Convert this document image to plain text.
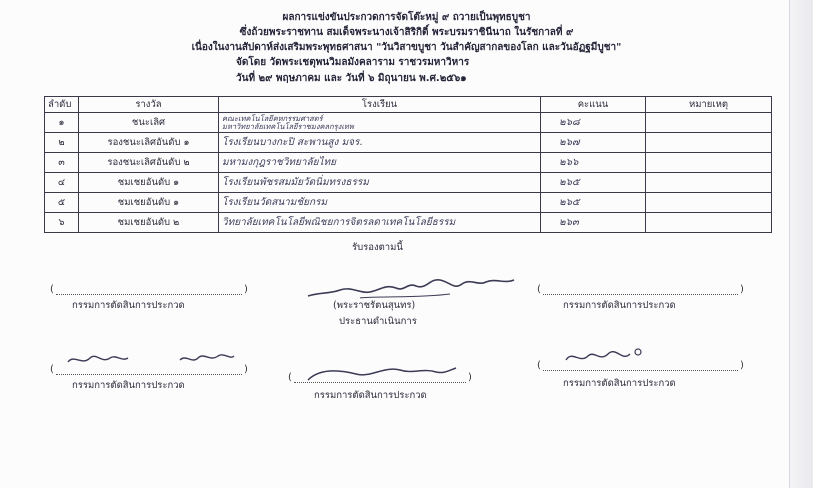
ผลการแข่งขันประกวดการจัดโต๊ะหมู่ ๙ ถวายเป็นพุทธบูชา
ซึ่งถ้วยพระราชทาน สมเด็จพระนางเจ้าสิริกิติ์ พระบรมราชินีนาถ ในรัชกาลที่ ๙
เนื่องในงานสัปดาห์ส่งเสริมพระพุทธศาสนา "วันวิสาขบูชา วันสำคัญสากลของโลก และวันอัฏฐมีบูชา"
จัดโดย วัดพระเชตุพนวิมลมังคลาราม ราชวรมหาวิหาร
วันที่ ๒๙ พฤษภาคม และ วันที่ ๖ มิถุนายน พ.ศ.๒๕๖๑
ลำดับ	รางวัล	โรงเรียน	คะแนน	หมายเหตุ
๑	ชนะเลิศ	คณะเทคโนโลยีคหกรรมศาสตร์
มหาวิทยาลัยเทคโนโลยีราชมงคลกรุงเทพ	๒๖๘	
๒	รองชนะเลิศอันดับ ๑	โรงเรียนบางกะปิ สะพานสูง มจร.	๒๖๗	
๓	รองชนะเลิศอันดับ ๒	มหามงกุฎราชวิทยาลัยไทย	๒๖๖	
๔	ชมเชยอันดับ ๑	โรงเรียนพัชรสมมัยวัดนิ่มทรงธรรม	๒๖๕	
๕	ชมเชยอันดับ ๑	โรงเรียนวัดสนามชัยกรม	๒๖๕	
๖	ชมเชยอันดับ ๒	วิทยาลัยเทคโนโลยีพณิชยการจิตรลดาเทคโนโลยีธรรม	๒๖๓	
รับรองตามนี้
(	)
กรรมการตัดสินการประกวด	(พระราชรัตนสุนทร)
ประธานดำเนินการ
(	)
กรรมการตัดสินการประกวด
(	)
กรรมการตัดสินการประกวด
(	)
กรรมการตัดสินการประกวด
(	)
กรรมการตัดสินการประกวด
